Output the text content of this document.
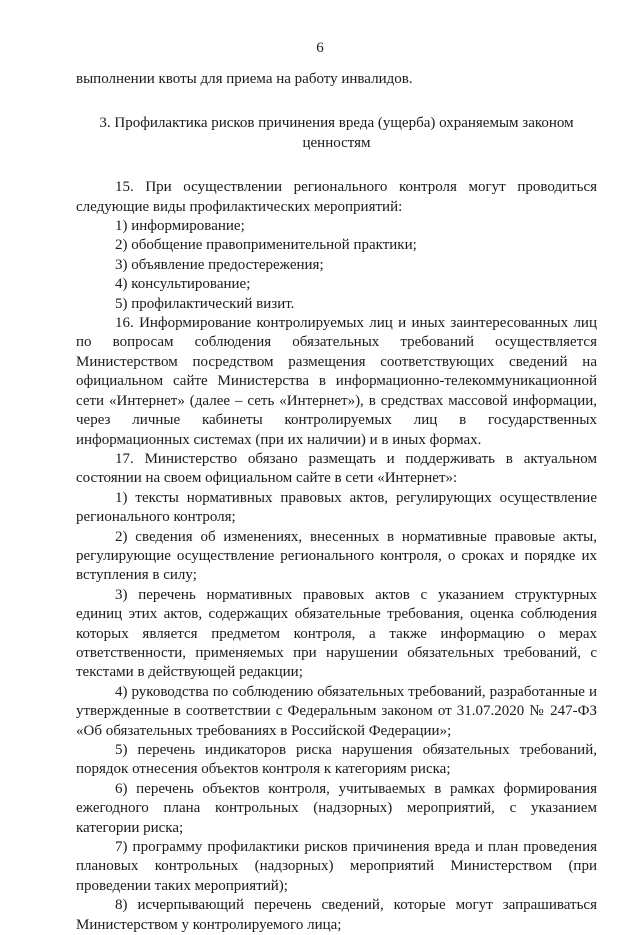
6

выполнении квоты для приема на работу инвалидов.

3. Профилактика рисков причинения вреда (ущерба) охраняемым законом ценностям

15. При осуществлении регионального контроля могут проводиться следующие виды профилактических мероприятий:

1) информирование;

2) обобщение правоприменительной практики;

3) объявление предостережения;

4) консультирование;

5) профилактический визит.

16. Информирование контролируемых лиц и иных заинтересованных лиц по вопросам соблюдения обязательных требований осуществляется Министерством посредством размещения соответствующих сведений на официальном сайте Министерства в информационно-телекоммуникационной сети «Интернет» (далее – сеть «Интернет»), в средствах массовой информации, через личные кабинеты контролируемых лиц в государственных информационных системах (при их наличии) и в иных формах.

17. Министерство обязано размещать и поддерживать в актуальном состоянии на своем официальном сайте в сети «Интернет»:

1) тексты нормативных правовых актов, регулирующих осуществление регионального контроля;

2) сведения об изменениях, внесенных в нормативные правовые акты, регулирующие осуществление регионального контроля, о сроках и порядке их вступления в силу;

3) перечень нормативных правовых актов с указанием структурных единиц этих актов, содержащих обязательные требования, оценка соблюдения которых является предметом контроля, а также информацию о мерах ответственности, применяемых при нарушении обязательных требований, с текстами в действующей редакции;

4) руководства по соблюдению обязательных требований, разработанные и утвержденные в соответствии с Федеральным законом от 31.07.2020 № 247-ФЗ «Об обязательных требованиях в Российской Федерации»;

5) перечень индикаторов риска нарушения обязательных требований, порядок отнесения объектов контроля к категориям риска;

6) перечень объектов контроля, учитываемых в рамках формирования ежегодного плана контрольных (надзорных) мероприятий, с указанием категории риска;

7) программу профилактики рисков причинения вреда и план проведения плановых контрольных (надзорных) мероприятий Министерством (при проведении таких мероприятий);

8) исчерпывающий перечень сведений, которые могут запрашиваться Министерством у контролируемого лица;
